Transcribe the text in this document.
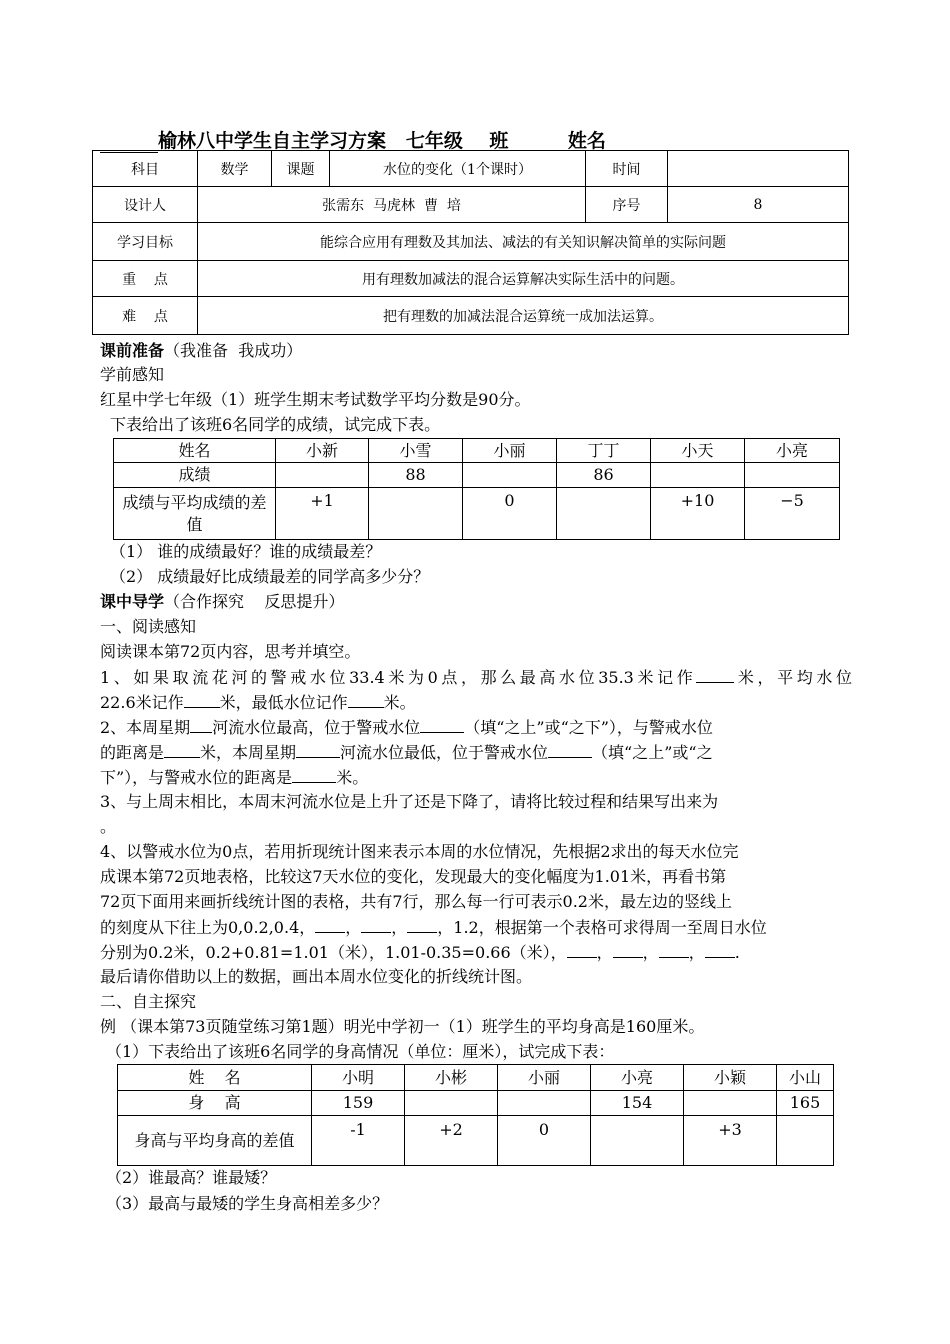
榆林八中学生自主学习方案 七年级 班	姓名
科目	数学	课题	水位的变化（1个课时）	时间	
设计人	张需东  马虎林  曹  培			序号	8
学习目标	能综合应用有理数及其加法、减法的有关知识解决简单的实际问题				
重    点	用有理数加减法的混合运算解决实际生活中的问题。				
难    点	把有理数的加减法混合运算统一成加法运算。				
课前准备（我准备  我成功）
学前感知
红星中学七年级（1）班学生期末考试数学平均分数是90分。
下表给出了该班6名同学的成绩，试完成下表。
姓名	小新	小雪	小丽	丁丁	小天	小亮
成绩		88		86		
成绩与平均成绩的差值	+1		0		+10	−5
（1） 谁的成绩最好？谁的成绩最差？
（2） 成绩最好比成绩最差的同学高多少分？
课中导学（合作探究    反思提升）
一、阅读感知
阅读课本第72页内容，思考并填空。
1、如果取流花河的警戒水位33.4米为0点，那么最高水位35.3米记作 米，平均水位
22.6米记作 米，最低水位记作 米。
2、本周星期 河流水位最高，位于警戒水位	（填“之上”或“之下”），与警戒水位
的距离是 米，本周星期	河流水位最低，位于警戒水位	（填“之上”或“之
下”），与警戒水位的距离是	米。
3、与上周末相比，本周末河流水位是上升了还是下降了，请将比较过程和结果写出来为
。
4、以警戒水位为0点，若用折现统计图来表示本周的水位情况，先根据2求出的每天水位完
成课本第72页地表格，比较这7天水位的变化，发现最大的变化幅度为1.01米，再看书第
72页下面用来画折线统计图的表格，共有7行，那么每一行可表示0.2米，最左边的竖线上
的刻度从下往上为0,0.2,0.4， ， ， ，1.2，根据第一个表格可求得周一至周日水位
分别为0.2米，0.2+0.81=1.01（米），1.01-0.35=0.66（米）， ， ， ， .
最后请你借助以上的数据，画出本周水位变化的折线统计图。
二、自主探究
例 （课本第73页随堂练习第1题）明光中学初一（1）班学生的平均身高是160厘米。
（1）下表给出了该班6名同学的身高情况（单位：厘米），试完成下表：
姓    名	小明	小彬	小丽	小亮	小颖	小山
身    高	159			154		165
身高与平均身高的差值	-1	+2	0		+3	
（2）谁最高？谁最矮？
（3）最高与最矮的学生身高相差多少？
